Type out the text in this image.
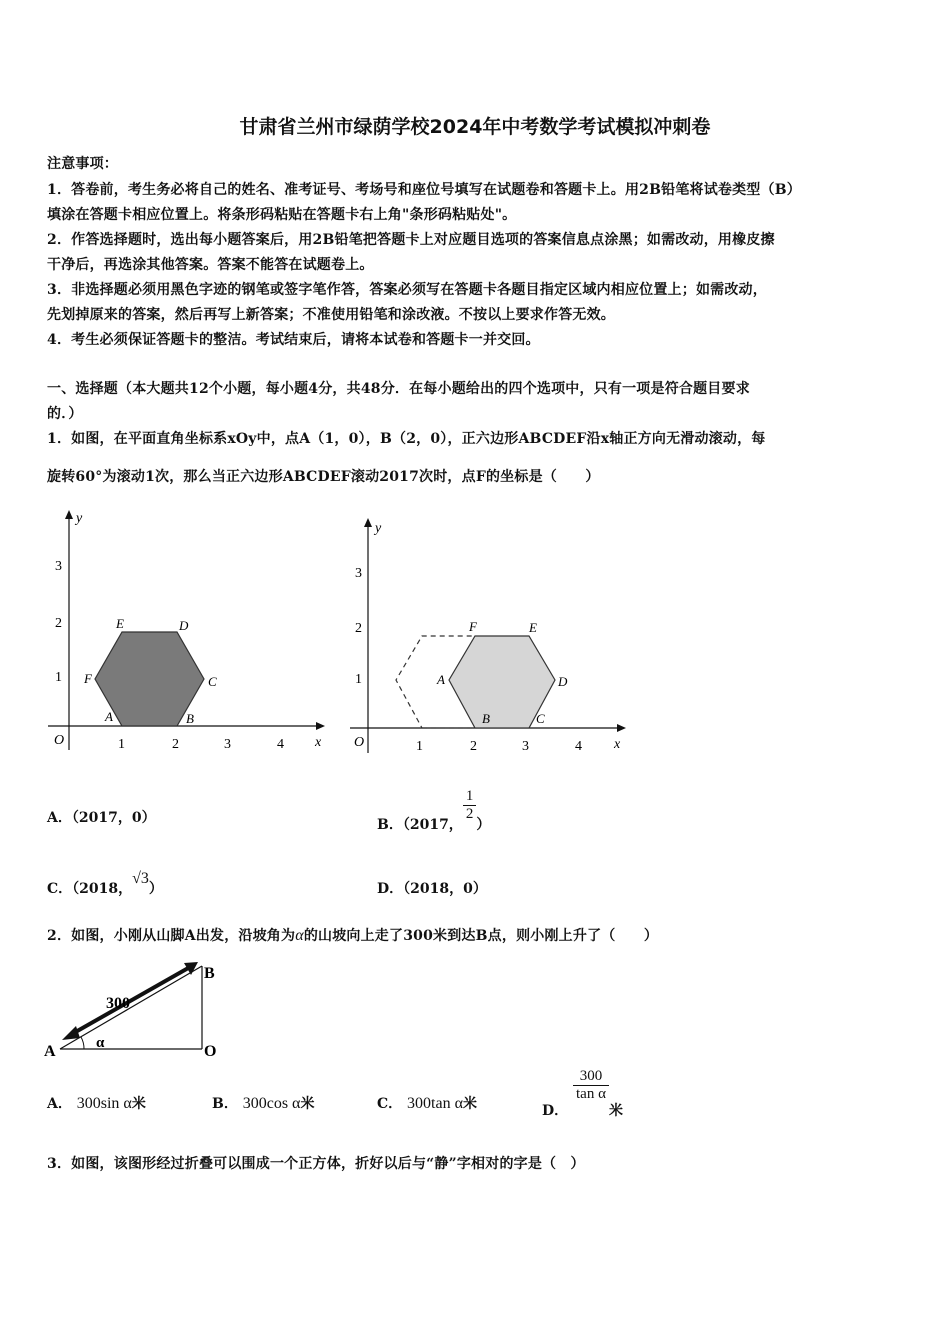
甘肃省兰州市绿荫学校2024年中考数学考试模拟冲刺卷
注意事项：
1．答卷前，考生务必将自己的姓名、准考证号、考场号和座位号填写在试题卷和答题卡上。用2B铅笔将试卷类型（B）
填涂在答题卡相应位置上。将条形码粘贴在答题卡右上角"条形码粘贴处"。
2．作答选择题时，选出每小题答案后，用2B铅笔把答题卡上对应题目选项的答案信息点涂黑；如需改动，用橡皮擦
干净后，再选涂其他答案。答案不能答在试题卷上。
3．非选择题必须用黑色字迹的钢笔或签字笔作答，答案必须写在答题卡各题目指定区域内相应位置上；如需改动，
先划掉原来的答案，然后再写上新答案；不准使用铅笔和涂改液。不按以上要求作答无效。
4．考生必须保证答题卡的整洁。考试结束后，请将本试卷和答题卡一并交回。
一、选择题（本大题共12个小题，每小题4分，共48分．在每小题给出的四个选项中，只有一项是符合题目要求
的．）
1．如图，在平面直角坐标系xOy中，点A（1，0），B（2，0），正六边形ABCDEF沿x轴正方向无滑动滚动，每
旋转60°为滚动1次，那么当正六边形ABCDEF滚动2017次时，点F的坐标是（　　）
y
x
O	1	2	3	4
1
2
3
A	B
C
D
E
F
y
x
O	1	2	3	4
1
2
3
A
B	C
D
E
F
A．（2017，0）	B．（2017，
$\frac{1}{2}$
）
C．（2018，√3）	D．（2018，0）
2．如图，小刚从山脚A出发，沿坡角为α的山坡向上走了300米到达B点，则小刚上升了（　　）
A
B
O
300
α
A． 300sin α米	B． 300cos α米	C． 300tan α米	D．
$\frac{300}{\text{tan α}}$
米
3．如图，该图形经过折叠可以围成一个正方体，折好以后与“静”字相对的字是（　）
